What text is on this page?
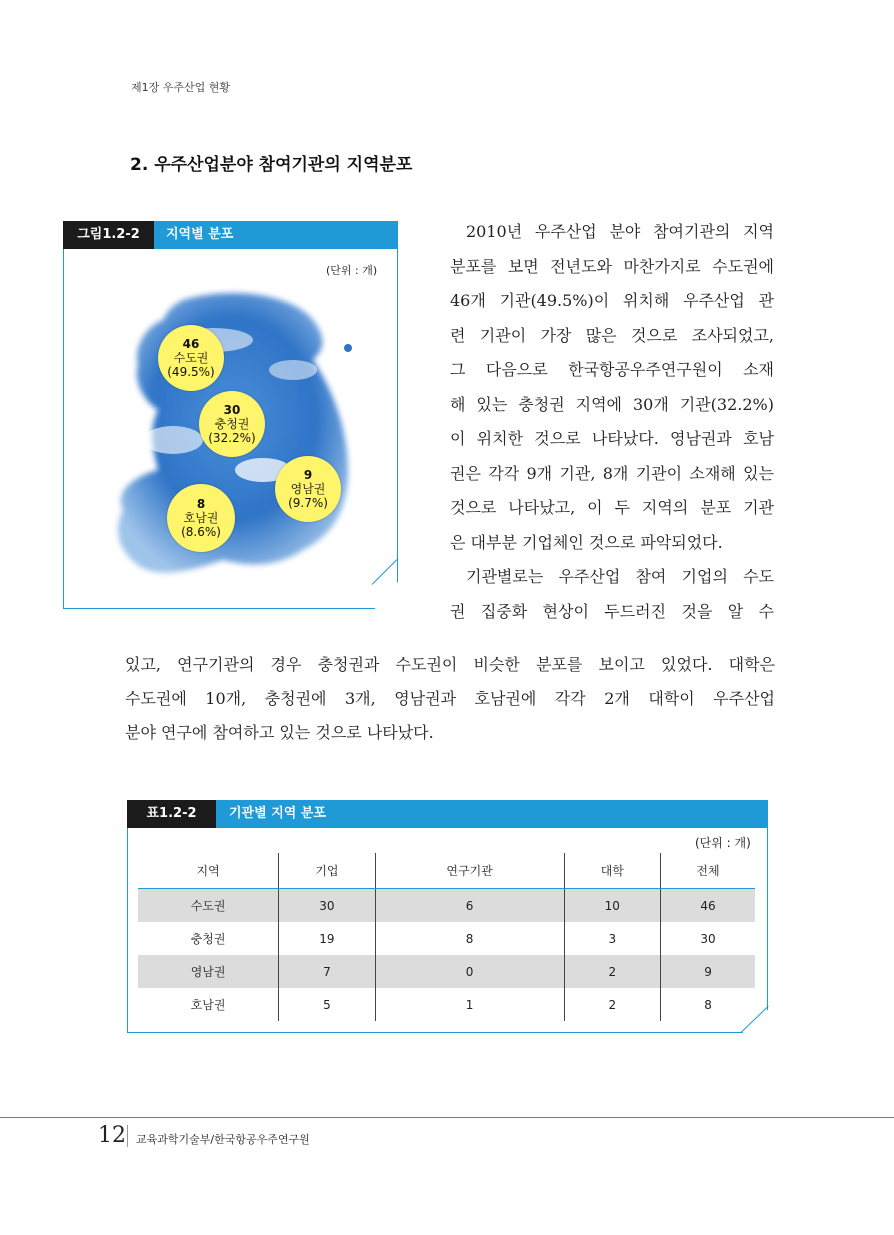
제1장 우주산업 현황
2. 우주산업분야 참여기관의 지역분포
그림1.2-2	지역별 분포
(단위 : 개)
46
수도권
(49.5%)
30
충청권
(32.2%)
9
영남권
(9.7%)
8
호남권
(8.6%)
2010년 우주산업 분야 참여기관의 지역
분포를 보면 전년도와 마찬가지로 수도권에
46개 기관(49.5%)이 위치해 우주산업 관
련 기관이 가장 많은 것으로 조사되었고,
그 다음으로 한국항공우주연구원이 소재
해 있는 충청권 지역에 30개 기관(32.2%)
이 위치한 것으로 나타났다. 영남권과 호남
권은 각각 9개 기관, 8개 기관이 소재해 있는
것으로 나타났고, 이 두 지역의 분포 기관
은 대부분 기업체인 것으로 파악되었다.
기관별로는 우주산업 참여 기업의 수도
권 집중화 현상이 두드러진 것을 알 수
있고, 연구기관의 경우 충청권과 수도권이 비슷한 분포를 보이고 있었다. 대학은
수도권에 10개, 충청권에 3개, 영남권과 호남권에 각각 2개 대학이 우주산업
분야 연구에 참여하고 있는 것으로 나타났다.
표1.2-2	기관별 지역 분포
(단위 : 개)
지역	기업	연구기관	대학	전체
수도권	30	6	10	46
충청권	19	8	3	30
영남권	7	0	2	9
호남권	5	1	2	8
12 교육과학기술부/한국항공우주연구원
